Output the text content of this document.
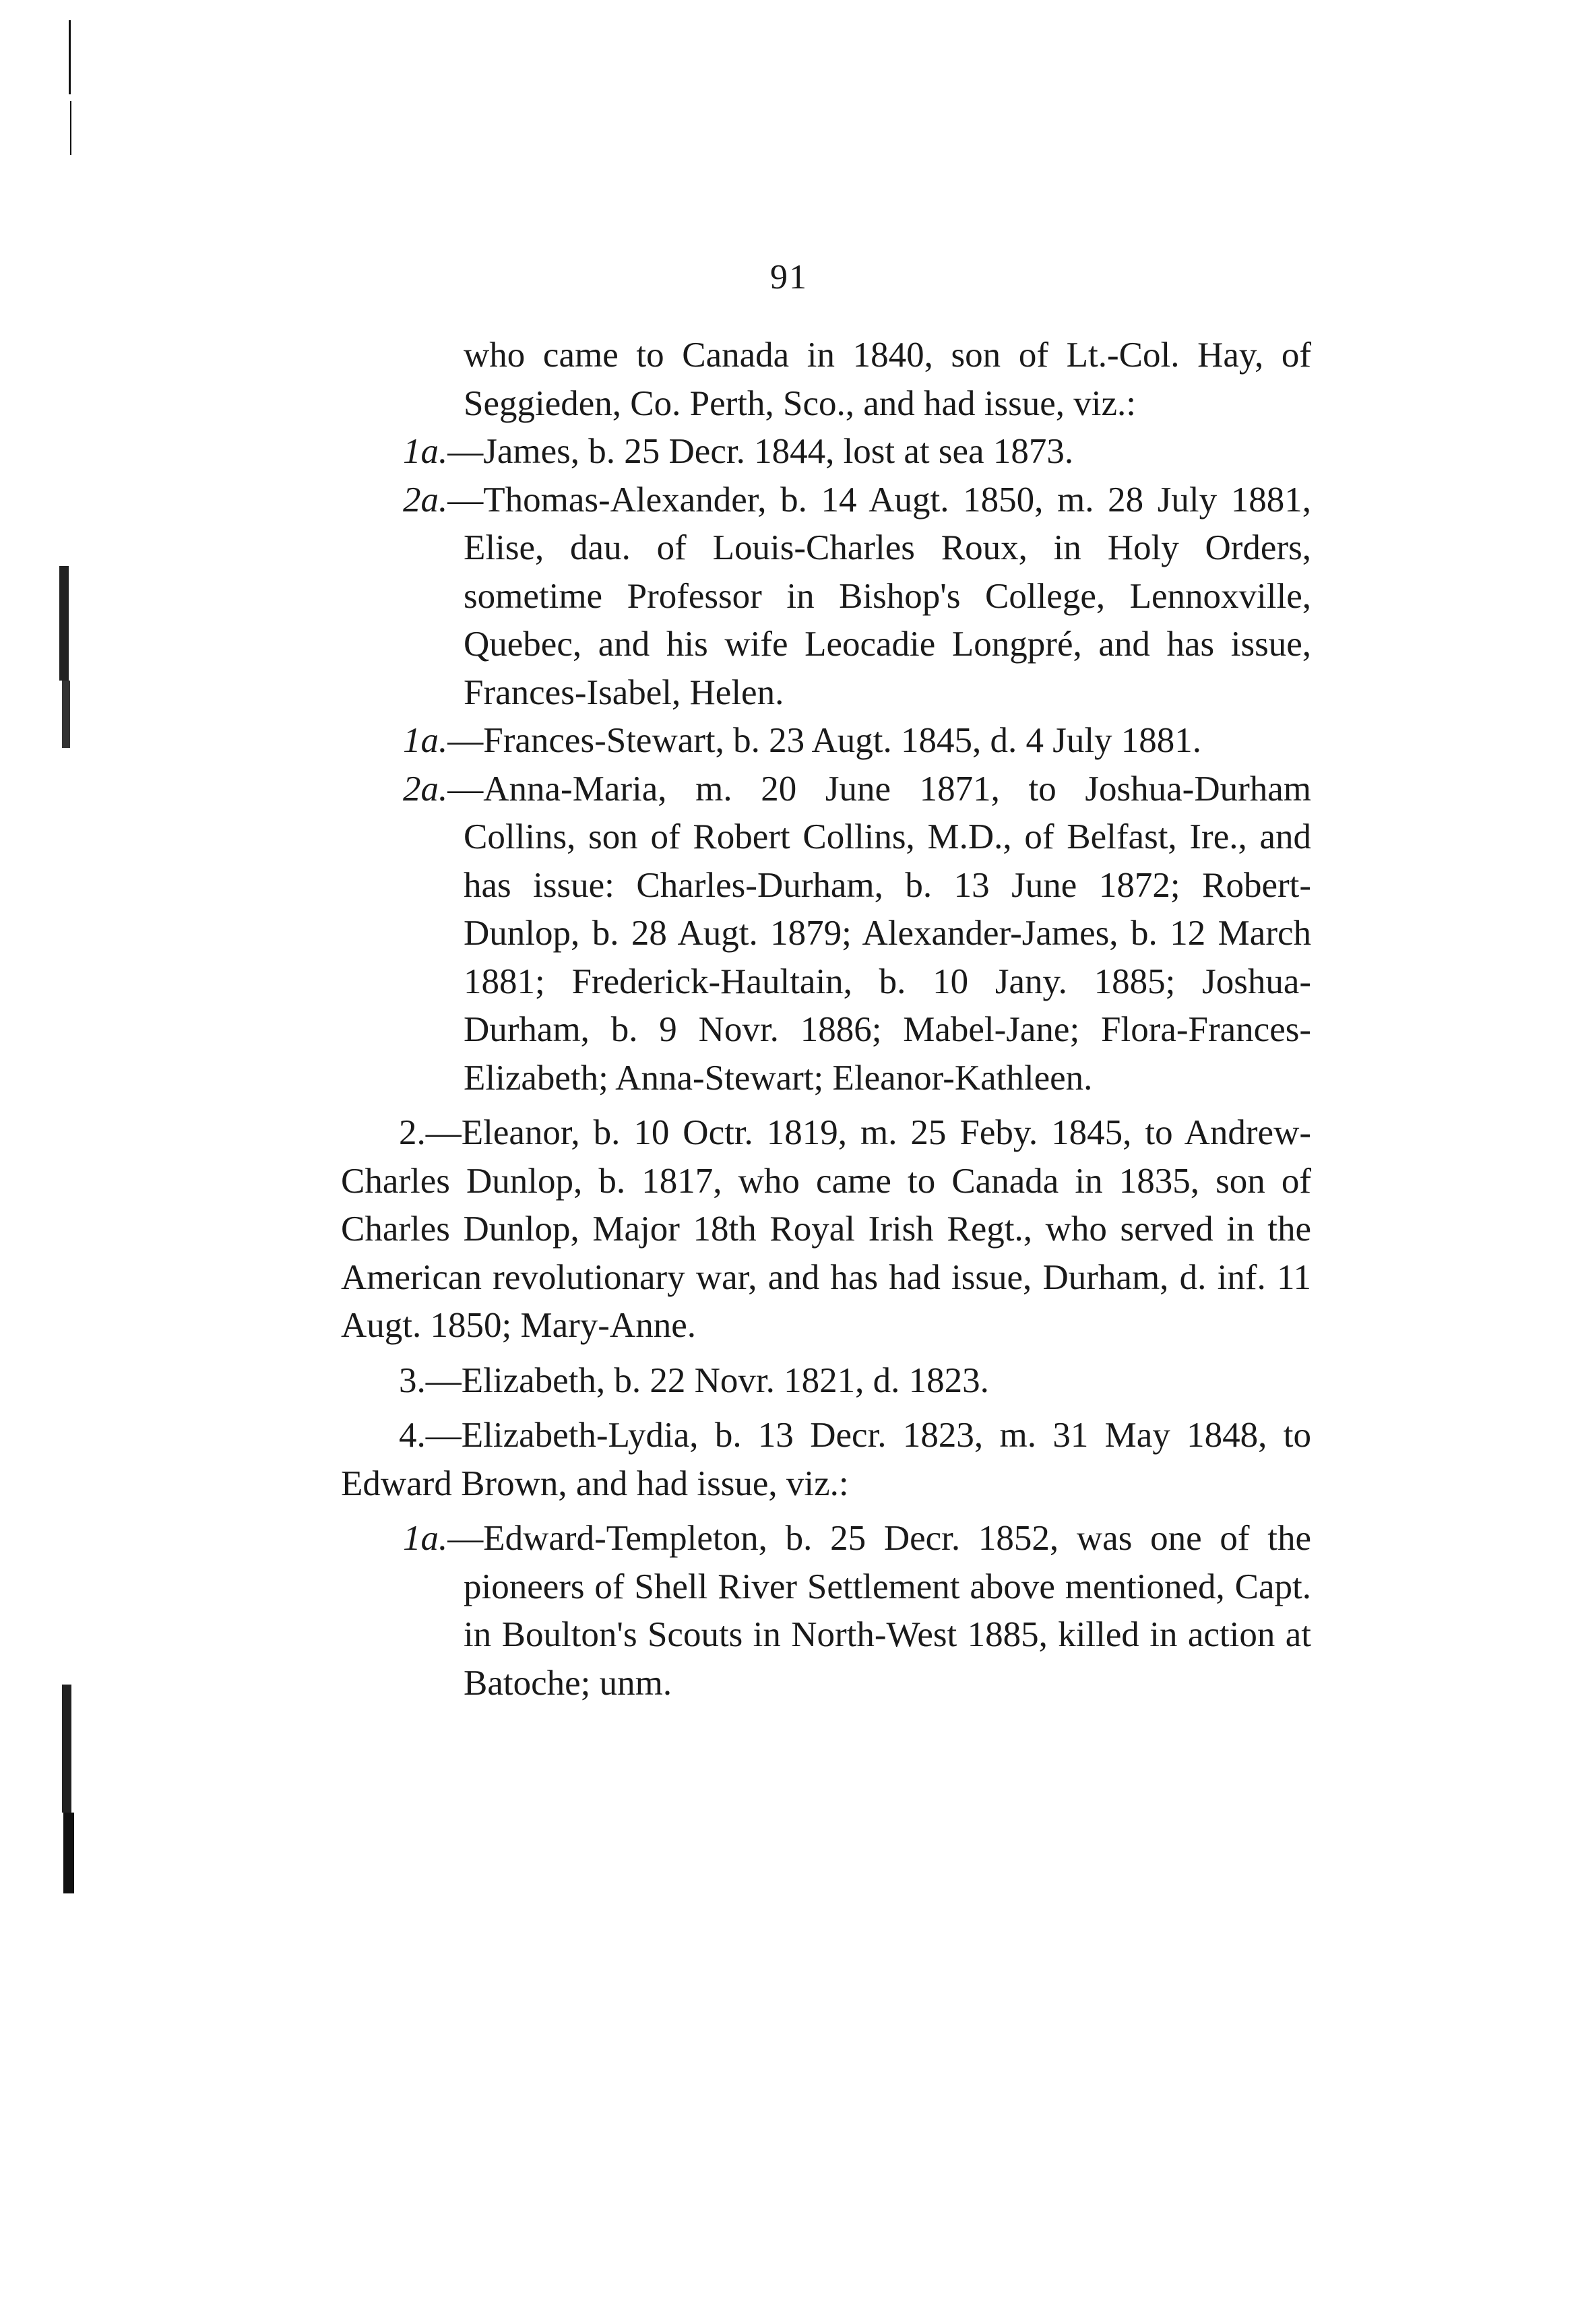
91
who came to Canada in 1840, son of Lt.-Col. Hay, of Seggieden, Co. Perth, Sco., and had issue, viz.:
1a.—James, b. 25 Decr. 1844, lost at sea 1873.
2a.—Thomas-Alexander, b. 14 Augt. 1850, m. 28 July 1881, Elise, dau. of Louis-Charles Roux, in Holy Orders, sometime Professor in Bishop's College, Lennoxville, Quebec, and his wife Leocadie Longpré, and has issue, Frances-Isabel, Helen.
1a.—Frances-Stewart, b. 23 Augt. 1845, d. 4 July 1881.
2a.—Anna-Maria, m. 20 June 1871, to Joshua-Durham Collins, son of Robert Collins, M.D., of Belfast, Ire., and has issue: Charles-Durham, b. 13 June 1872; Robert-Dunlop, b. 28 Augt. 1879; Alexander-James, b. 12 March 1881; Frederick-Haultain, b. 10 Jany. 1885; Joshua-Durham, b. 9 Novr. 1886; Mabel-Jane; Flora-Frances-Elizabeth; Anna-Stewart; Eleanor-Kathleen.
2.—Eleanor, b. 10 Octr. 1819, m. 25 Feby. 1845, to Andrew-Charles Dunlop, b. 1817, who came to Canada in 1835, son of Charles Dunlop, Major 18th Royal Irish Regt., who served in the American revolutionary war, and has had issue, Durham, d. inf. 11 Augt. 1850; Mary-Anne.
3.—Elizabeth, b. 22 Novr. 1821, d. 1823.
4.—Elizabeth-Lydia, b. 13 Decr. 1823, m. 31 May 1848, to Edward Brown, and had issue, viz.:
1a.—Edward-Templeton, b. 25 Decr. 1852, was one of the pioneers of Shell River Settlement above mentioned, Capt. in Boulton's Scouts in North-West 1885, killed in action at Batoche; unm.
